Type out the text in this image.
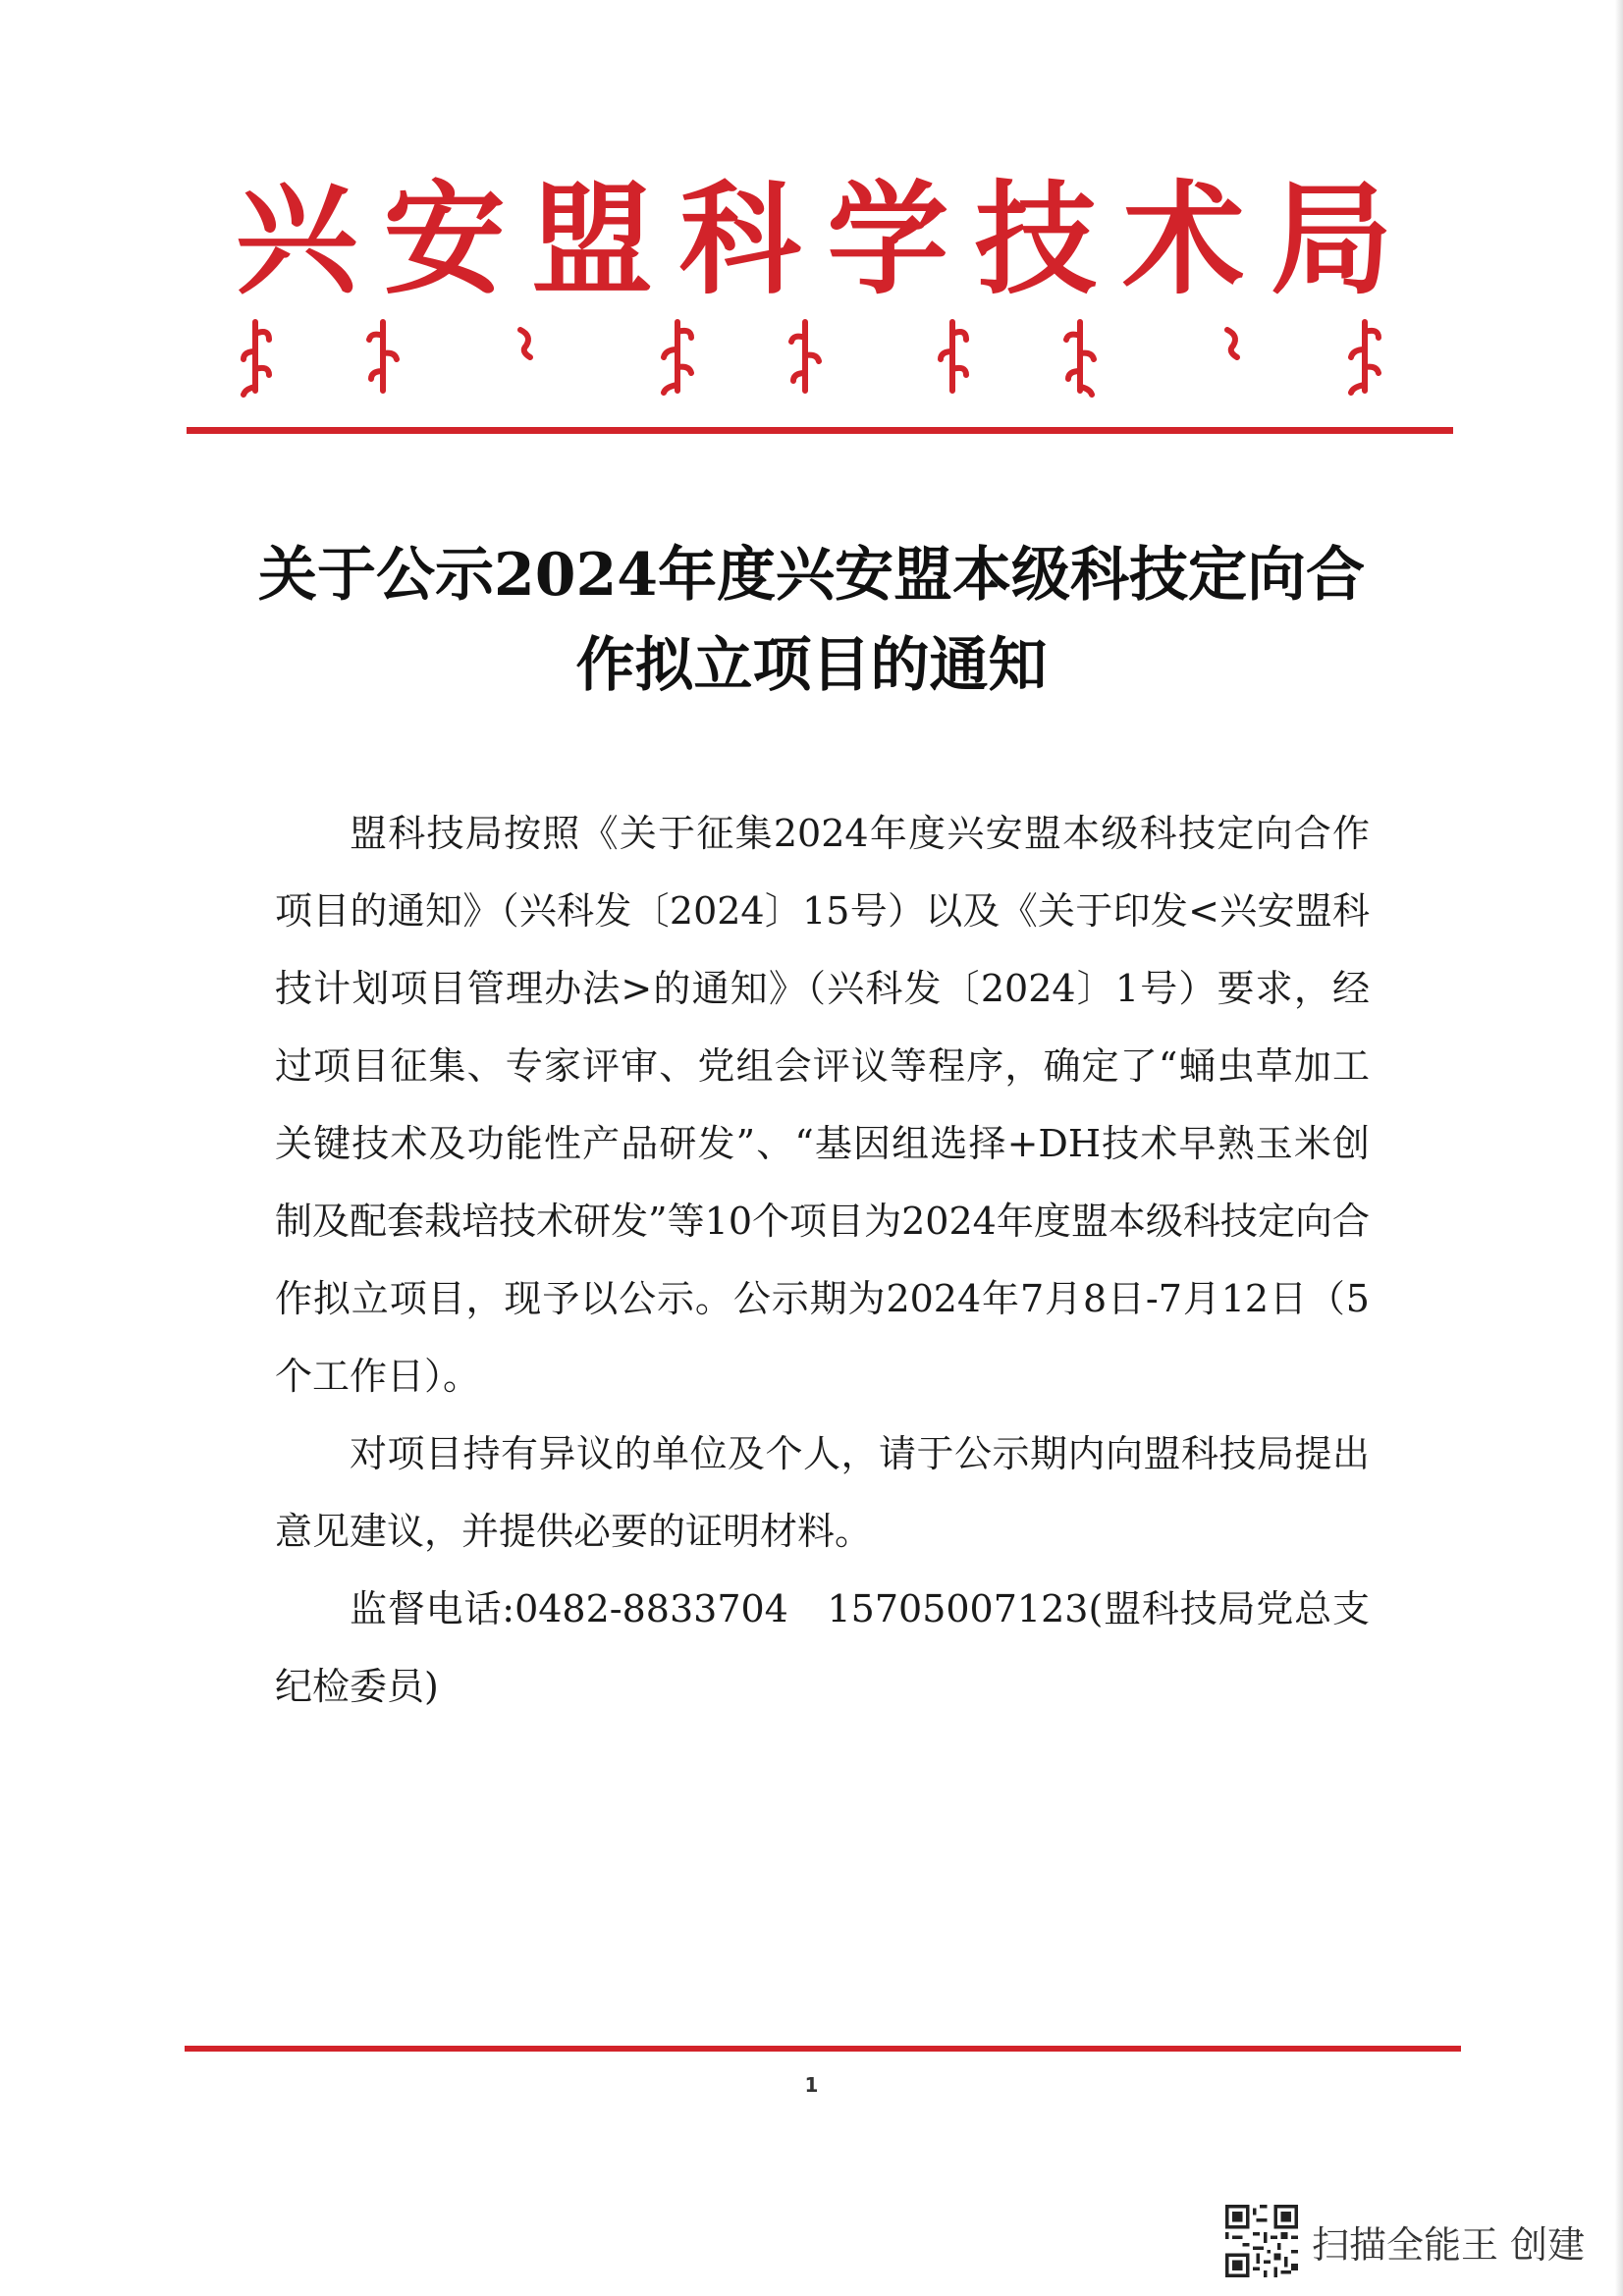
兴安盟科学技术局
关于公示2024年度兴安盟本级科技定向合
作拟立项目的通知

盟科技局按照《关于征集2024年度兴安盟本级科技定向合作项目的通知》（兴科发〔2024〕15号）以及《关于印发<兴安盟科技计划项目管理办法>的通知》（兴科发〔2024〕1号）要求，经过项目征集、专家评审、党组会评议等程序，确定了“蛹虫草加工关键技术及功能性产品研发”、“基因组选择+DH技术早熟玉米创制及配套栽培技术研发”等10个项目为2024年度盟本级科技定向合作拟立项目，现予以公示。公示期为2024年7月8日-7月12日（5个工作日）。

对项目持有异议的单位及个人，请于公示期内向盟科技局提出意见建议，并提供必要的证明材料。

监督电话:0482-8833704　15705007123(盟科技局党总支纪检委员)

1
扫描全能王 创建
